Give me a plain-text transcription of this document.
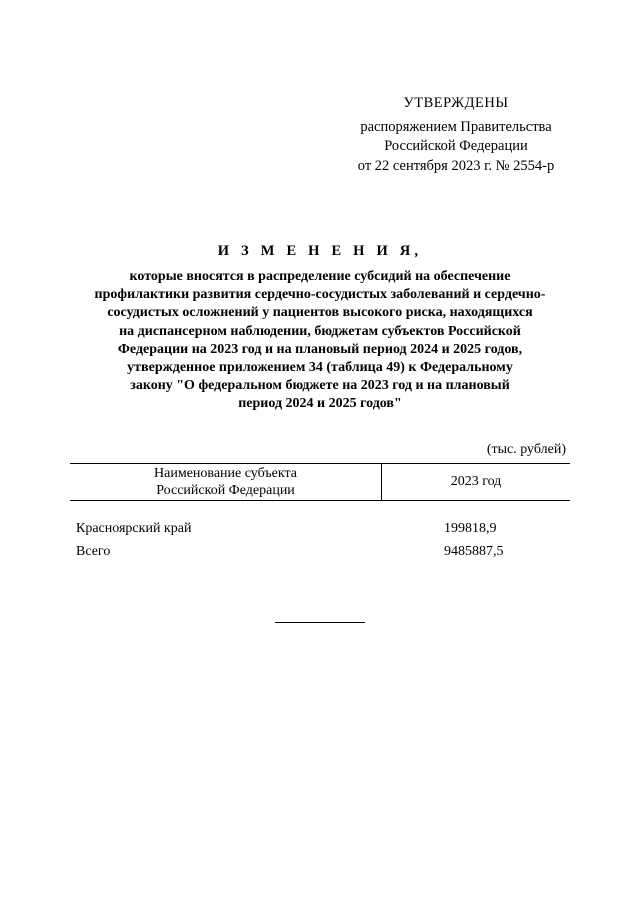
УТВЕРЖДЕНЫ
распоряжением Правительства
Российской Федерации
от 22 сентября 2023 г. № 2554-р
И З М Е Н Е Н И Я,
которые вносятся в распределение субсидий на обеспечение
профилактики развития сердечно-сосудистых заболеваний и сердечно-
сосудистых осложнений у пациентов высокого риска, находящихся
на диспансерном наблюдении, бюджетам субъектов Российской
Федерации на 2023 год и на плановый период 2024 и 2025 годов,
утвержденное приложением 34 (таблица 49) к Федеральному
закону "О федеральном бюджете на 2023 год и на плановый
период 2024 и 2025 годов"
(тыс. рублей)
Наименование субъекта
Российской Федерации
2023 год
Красноярский край	199818,9
Всего	9485887,5
